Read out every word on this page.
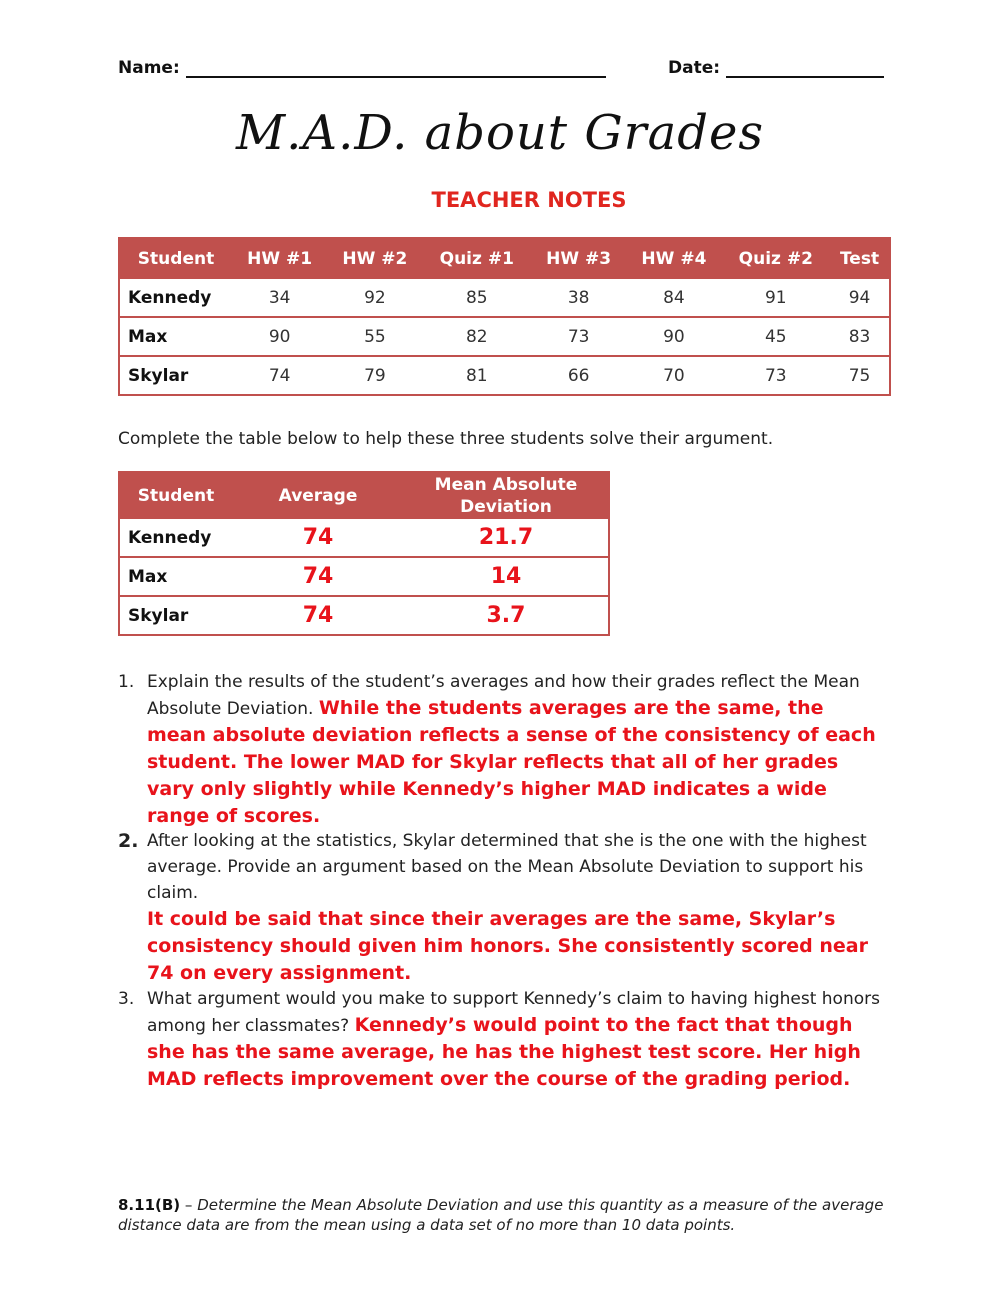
Name:	Date:
M.A.D. about Grades
TEACHER NOTES
Student	HW #1	HW #2	Quiz #1	HW #3	HW #4	Quiz #2	Test
Kennedy	34	92	85	38	84	91	94
Max	90	55	82	73	90	45	83
Skylar	74	79	81	66	70	73	75
Complete the table below to help these three students solve their argument.
Student	Average	Mean Absolute Deviation
Kennedy	74	21.7
Max	74	14
Skylar	74	3.7
1. Explain the results of the student’s averages and how their grades reflect the Mean Absolute Deviation. While the students averages are the same, the mean absolute deviation reflects a sense of the consistency of each student. The lower MAD for Skylar reflects that all of her grades vary only slightly while Kennedy’s higher MAD indicates a wide range of scores.
2. After looking at the statistics, Skylar determined that she is the one with the highest average. Provide an argument based on the Mean Absolute Deviation to support his claim.
It could be said that since their averages are the same, Skylar’s consistency should given him honors. She consistently scored near 74 on every assignment.
3. What argument would you make to support Kennedy’s claim to having highest honors among her classmates? Kennedy’s would point to the fact that though she has the same average, he has the highest test score. Her high MAD reflects improvement over the course of the grading period.
8.11(B) – Determine the Mean Absolute Deviation and use this quantity as a measure of the average distance data are from the mean using a data set of no more than 10 data points.
